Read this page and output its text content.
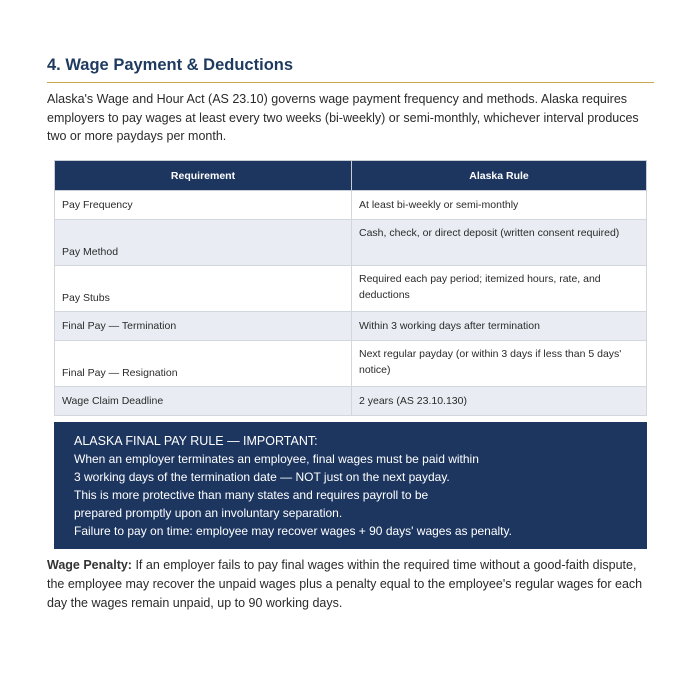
4. Wage Payment & Deductions
Alaska's Wage and Hour Act (AS 23.10) governs wage payment frequency and methods. Alaska requires employers to pay wages at least every two weeks (bi-weekly) or semi-monthly, whichever interval produces two or more paydays per month.
Requirement	Alaska Rule
Pay Frequency	At least bi-weekly or semi-monthly
Pay Method	Cash, check, or direct deposit (written consent required)
Pay Stubs	Required each pay period; itemized hours, rate, and deductions
Final Pay — Termination	Within 3 working days after termination
Final Pay — Resignation	Next regular payday (or within 3 days if less than 5 days' notice)
Wage Claim Deadline	2 years (AS 23.10.130)
ALASKA FINAL PAY RULE — IMPORTANT:
When an employer terminates an employee, final wages must be paid within
3 working days of the termination date — NOT just on the next payday.
This is more protective than many states and requires payroll to be
prepared promptly upon an involuntary separation.
Failure to pay on time: employee may recover wages + 90 days' wages as penalty.
Wage Penalty: If an employer fails to pay final wages within the required time without a good-faith dispute, the employee may recover the unpaid wages plus a penalty equal to the employee's regular wages for each day the wages remain unpaid, up to 90 working days.
